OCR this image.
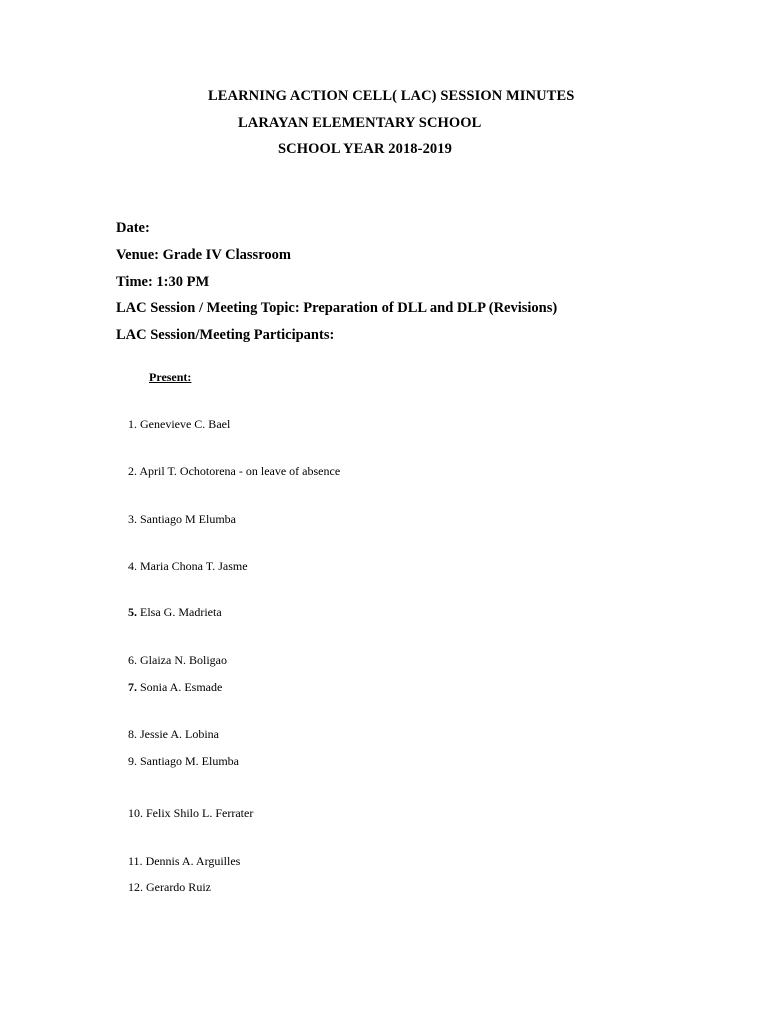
LEARNING ACTION CELL( LAC) SESSION MINUTES
LARAYAN ELEMENTARY SCHOOL
SCHOOL YEAR 2018-2019
Date:
Venue: Grade IV Classroom
Time: 1:30 PM
LAC Session / Meeting Topic: Preparation of DLL and DLP (Revisions)
LAC Session/Meeting Participants:
Present:
1. Genevieve C. Bael
2. April T. Ochotorena - on leave of absence
3. Santiago M Elumba
4. Maria Chona T. Jasme
5. Elsa G. Madrieta
6. Glaiza N. Boligao
7. Sonia A. Esmade
8. Jessie A. Lobina
9. Santiago M. Elumba
10. Felix Shilo L. Ferrater
11. Dennis A. Arguilles
12. Gerardo Ruiz
